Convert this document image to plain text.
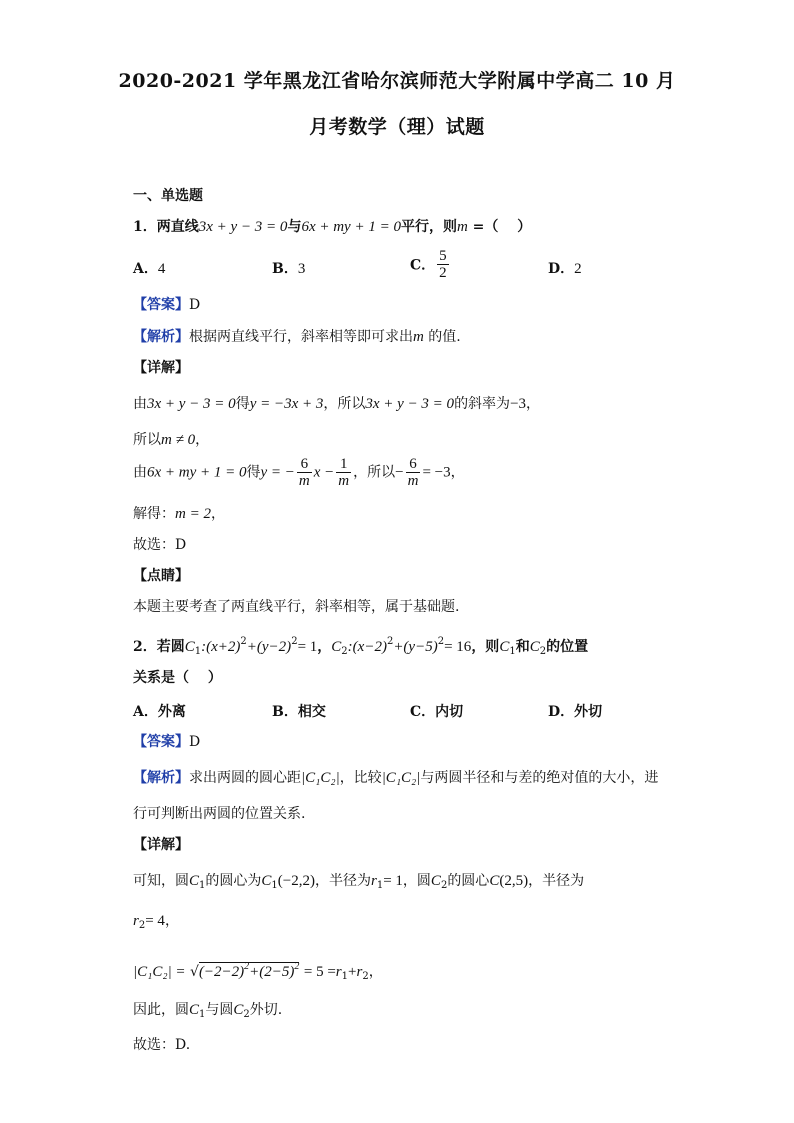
2020-2021 学年黑龙江省哈尔滨师范大学附属中学高二 10 月
月考数学（理）试题
一、单选题
1．两直线3x + y − 3 = 0与6x + my + 1 = 0平行，则m =（　 ）
A．4	B．3	C． $\frac{5}{2}$	D．2
【答案】D
【解析】根据两直线平行，斜率相等即可求出m 的值.
【详解】
由3x + y − 3 = 0得y = −3x + 3，所以3x + y − 3 = 0的斜率为−3，
所以m ≠ 0，
由6x + my + 1 = 0得y = − $\frac{6}{m}$ $x - \frac{1}{m}$ ，所以− $\frac{6}{m} = -3$，
解得：m = 2，
故选：D
【点睛】
本题主要考查了两直线平行，斜率相等，属于基础题.
2．若圆$C_1:(x+2)^2+(y-2)^2= 1$，$C_2:(x-2)^2+(y-5)^2= 16$，则$C_1$和$C_2$的位置
关系是（　 ）
A．外离	B．相交	C．内切	D．外切
【答案】D
【解析】求出两圆的圆心距|C₁C₂|，比较|C₁C₂|与两圆半径和与差的绝对值的大小，进
行可判断出两圆的位置关系.
【详解】
可知，圆$C_1$的圆心为$C_1(-2,2)$，半径为$r_1= 1$，圆$C_2$的圆心C(2,5)，半径为
$r_2= 4$，
$|C_1C_2| = √(-2-2)^2+(2-5)^2 = 5 =r_1+r_2$，
因此，圆$C_1$与圆$C_2$外切.
故选：D.
